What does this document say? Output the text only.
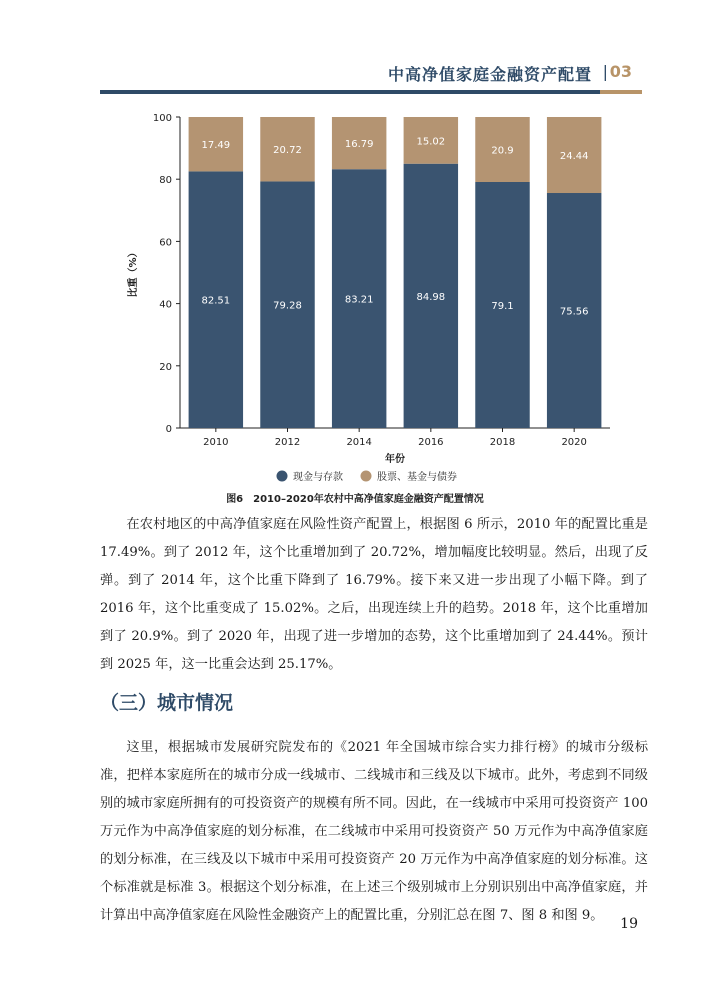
中高净值家庭金融资产配置 | 03
0
20
40
60
80
100
比重（%）
82.51
17.49
2010
79.28
20.72
2012
83.21
16.79
2014
84.98
15.02
2016
79.1
20.9
2018
75.56
24.44
2020
年份
现金与存款	股票、基金与债券
图6　2010–2020年农村中高净值家庭金融资产配置情况

在农村地区的中高净值家庭在风险性资产配置上，根据图 6 所示，2010 年的配置比重是 17.49%。到了 2012 年，这个比重增加到了 20.72%，增加幅度比较明显。然后，出现了反弹。到了 2014 年，这个比重下降到了 16.79%。接下来又进一步出现了小幅下降。到了 2016 年，这个比重变成了 15.02%。之后，出现连续上升的趋势。2018 年，这个比重增加到了 20.9%。到了 2020 年，出现了进一步增加的态势，这个比重增加到了 24.44%。预计到 2025 年，这一比重会达到 25.17%。

（三）城市情况

这里，根据城市发展研究院发布的《2021 年全国城市综合实力排行榜》的城市分级标准，把样本家庭所在的城市分成一线城市、二线城市和三线及以下城市。此外，考虑到不同级别的城市家庭所拥有的可投资资产的规模有所不同。因此，在一线城市中采用可投资资产 100 万元作为中高净值家庭的划分标准，在二线城市中采用可投资资产 50 万元作为中高净值家庭的划分标准，在三线及以下城市中采用可投资资产 20 万元作为中高净值家庭的划分标准。这个标准就是标准 3。根据这个划分标准，在上述三个级别城市上分别识别出中高净值家庭，并计算出中高净值家庭在风险性金融资产上的配置比重，分别汇总在图 7、图 8 和图 9。

19
